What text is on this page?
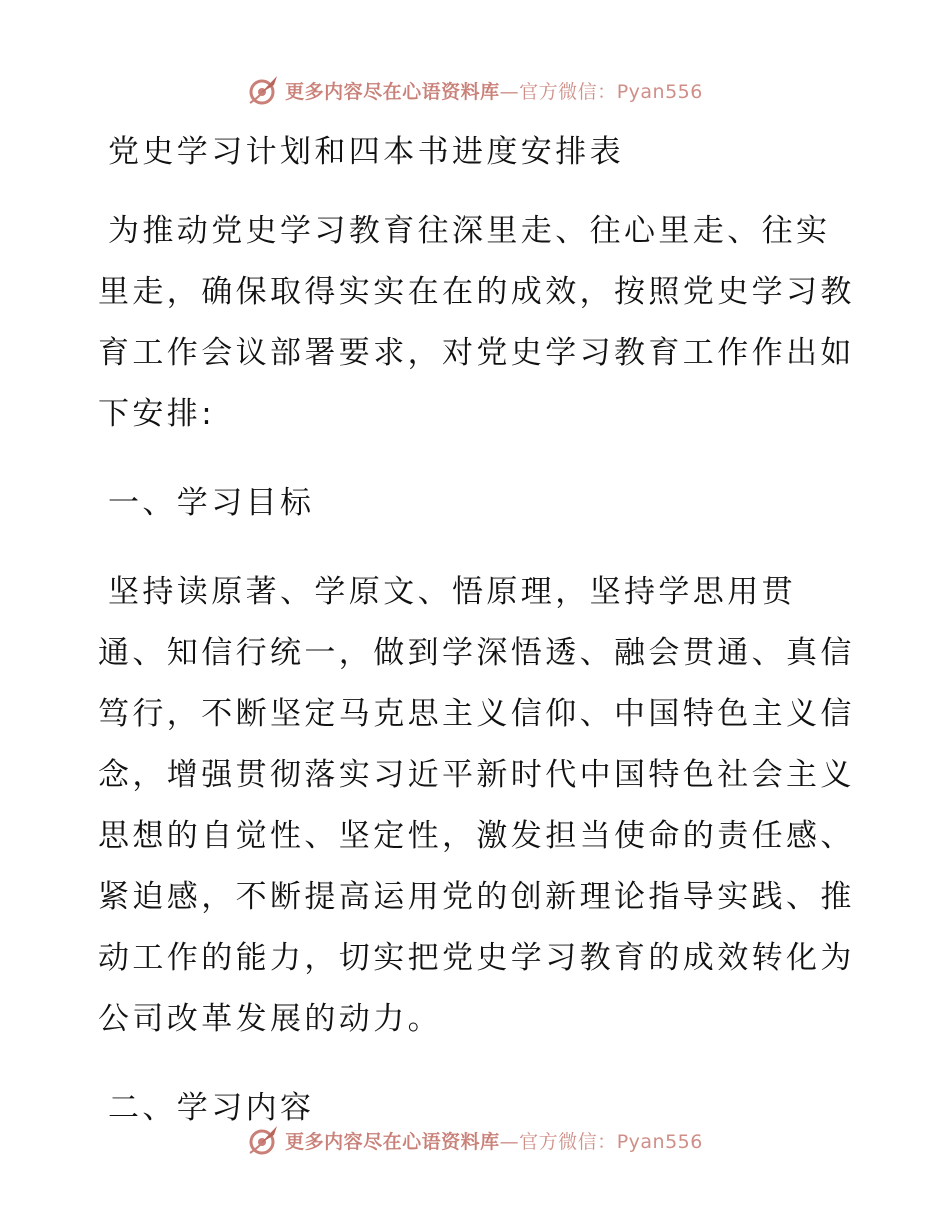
更多内容尽在心语资料库—官方微信：Pyan556
党史学习计划和四本书进度安排表
为推动党史学习教育往深里走、往心里走、往实
里走，确保取得实实在在的成效，按照党史学习教
育工作会议部署要求，对党史学习教育工作作出如
下安排:
一、学习目标
坚持读原著、学原文、悟原理，坚持学思用贯
通、知信行统一，做到学深悟透、融会贯通、真信
笃行，不断坚定马克思主义信仰、中国特色主义信
念，增强贯彻落实习近平新时代中国特色社会主义
思想的自觉性、坚定性，激发担当使命的责任感、
紧迫感，不断提高运用党的创新理论指导实践、推
动工作的能力，切实把党史学习教育的成效转化为
公司改革发展的动力。
二、学习内容
更多内容尽在心语资料库—官方微信：Pyan556
